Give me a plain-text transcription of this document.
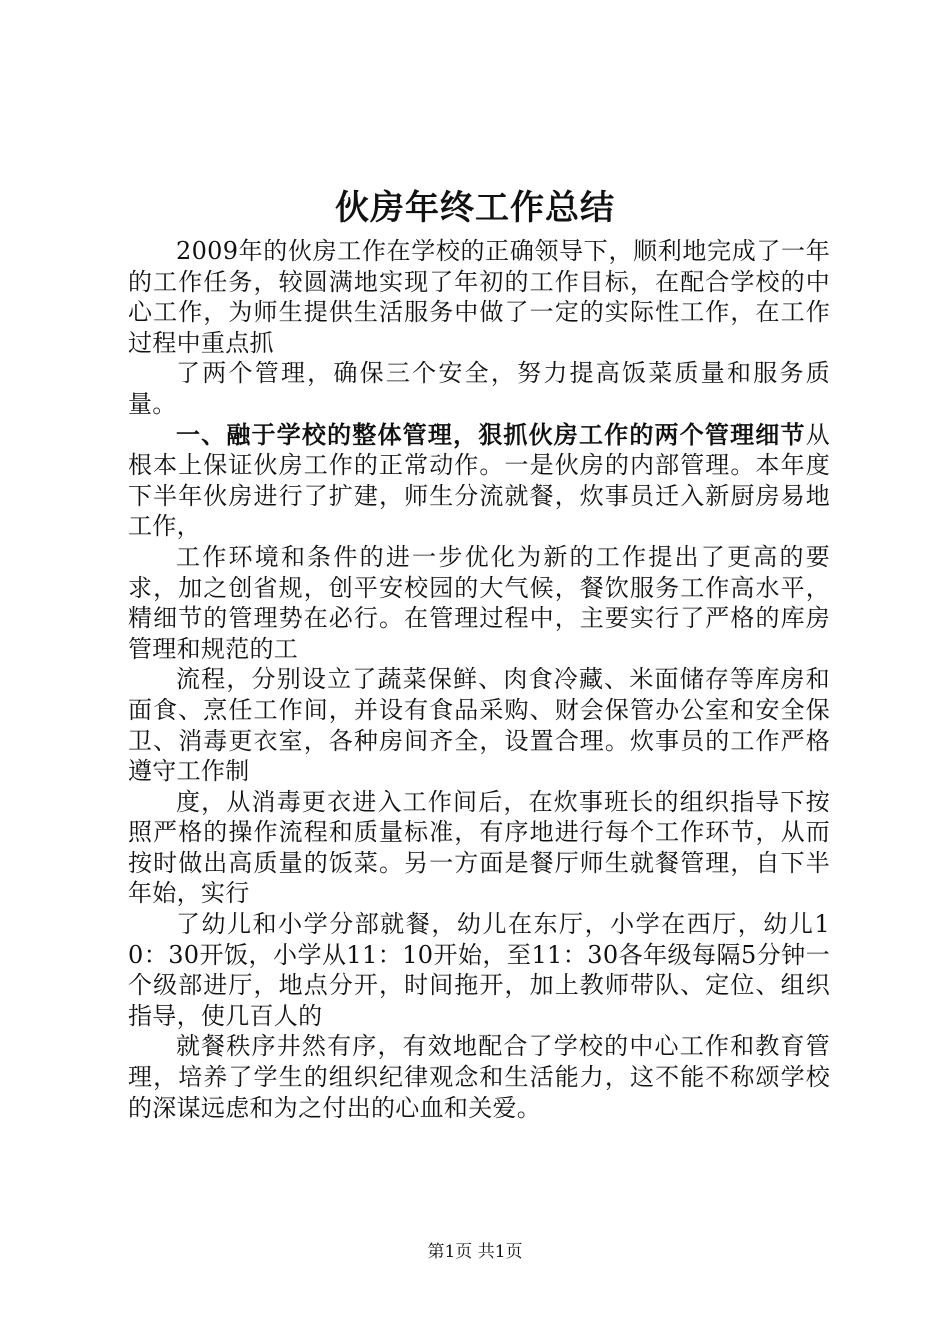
伙房年终工作总结

2009年的伙房工作在学校的正确领导下，顺利地完成了一年的工作任务，较圆满地实现了年初的工作目标，在配合学校的中心工作，为师生提供生活服务中做了一定的实际性工作，在工作过程中重点抓

了两个管理，确保三个安全，努力提高饭菜质量和服务质量。

一、融于学校的整体管理，狠抓伙房工作的两个管理细节从根本上保证伙房工作的正常动作。一是伙房的内部管理。本年度下半年伙房进行了扩建，师生分流就餐，炊事员迁入新厨房易地工作，

工作环境和条件的进一步优化为新的工作提出了更高的要求，加之创省规，创平安校园的大气候，餐饮服务工作高水平，精细节的管理势在必行。在管理过程中，主要实行了严格的库房管理和规范的工

流程，分别设立了蔬菜保鲜、肉食冷藏、米面储存等库房和面食、烹任工作间，并设有食品采购、财会保管办公室和安全保卫、消毒更衣室，各种房间齐全，设置合理。炊事员的工作严格遵守工作制

度，从消毒更衣进入工作间后，在炊事班长的组织指导下按照严格的操作流程和质量标准，有序地进行每个工作环节，从而按时做出高质量的饭菜。另一方面是餐厅师生就餐管理，自下半年始，实行

了幼儿和小学分部就餐，幼儿在东厅，小学在西厅，幼儿10：30开饭，小学从11：10开始，至11：30各年级每隔5分钟一个级部进厅，地点分开，时间拖开，加上教师带队、定位、组织指导，使几百人的

就餐秩序井然有序，有效地配合了学校的中心工作和教育管理，培养了学生的组织纪律观念和生活能力，这不能不称颂学校的深谋远虑和为之付出的心血和关爱。

第1页 共1页
